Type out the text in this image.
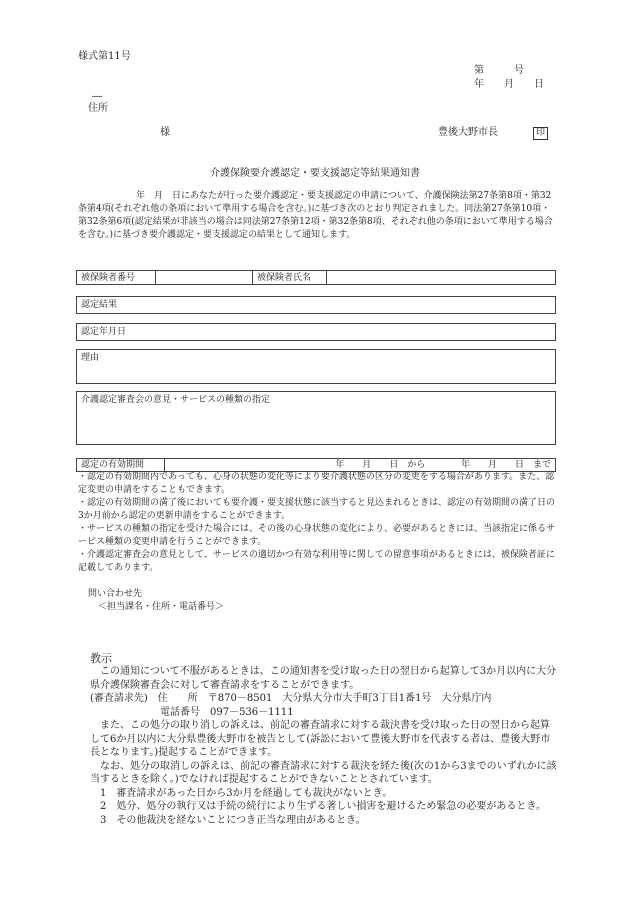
様式第11号
第　　　号
年　　月　　日
―
住所
様	豊後大野市長	印
介護保険要介護認定・要支援認定等結果通知書
　　年　月　日にあなたが行った要介護認定・要支援認定の申請について、介護保険法第27条第8項・第32条第4項(それぞれ他の条項において準用する場合を含む。)に基づき次のとおり判定されました。同法第27条第10項・第32条第6項(認定結果が非該当の場合は同法第27条第12項・第32条第8項、それぞれ他の条項において準用する場合を含む。)に基づき要介護認定・要支援認定の結果として通知します。
被保険者番号		被保険者氏名	
認定結果
認定年月日
理由
介護認定審査会の意見・サービスの種類の指定
認定の有効期間	年　　月　　日　から	年　　月　　日　まで
・認定の有効期間内であっても、心身の状態の変化等により要介護状態の区分の変更をする場合があります。また、認定変更の申請をすることもできます。
・認定の有効期間の満了後においても要介護・要支援状態に該当すると見込まれるときは、認定の有効期間の満了日の3か月前から認定の更新申請をすることができます。
・サービスの種類の指定を受けた場合には、その後の心身状態の変化により、必要があるときには、当該指定に係るサービス種類の変更申請を行うことができます。
・介護認定審査会の意見として、サービスの適切かつ有効な利用等に関しての留意事項があるときには、被保険者証に記載してあります。
問い合わせ先
＜担当課名・住所・電話番号＞
教示

　この通知について不服があるときは、この通知書を受け取った日の翌日から起算して3か月以内に大分県介護保険審査会に対して審査請求をすることができます。

(審査請求先)　住　　所　〒870－8501　大分県大分市大手町3丁目1番1号　大分県庁内

　　　　　　　電話番号　097－536－1111

　また、この処分の取り消しの訴えは、前記の審査請求に対する裁決書を受け取った日の翌日から起算して6か月以内に大分県豊後大野市を被告として(訴訟において豊後大野市を代表する者は、豊後大野市長となります。)提起することができます。

　なお、処分の取消しの訴えは、前記の審査請求に対する裁決を経た後(次の1から3までのいずれかに該当するときを除く。)でなければ提起することができないこととされています。

1　審査請求があった日から3か月を経過しても裁決がないとき。

2　処分、処分の執行又は手続の続行により生ずる著しい損害を避けるため緊急の必要があるとき。

3　その他裁決を経ないことにつき正当な理由があるとき。
